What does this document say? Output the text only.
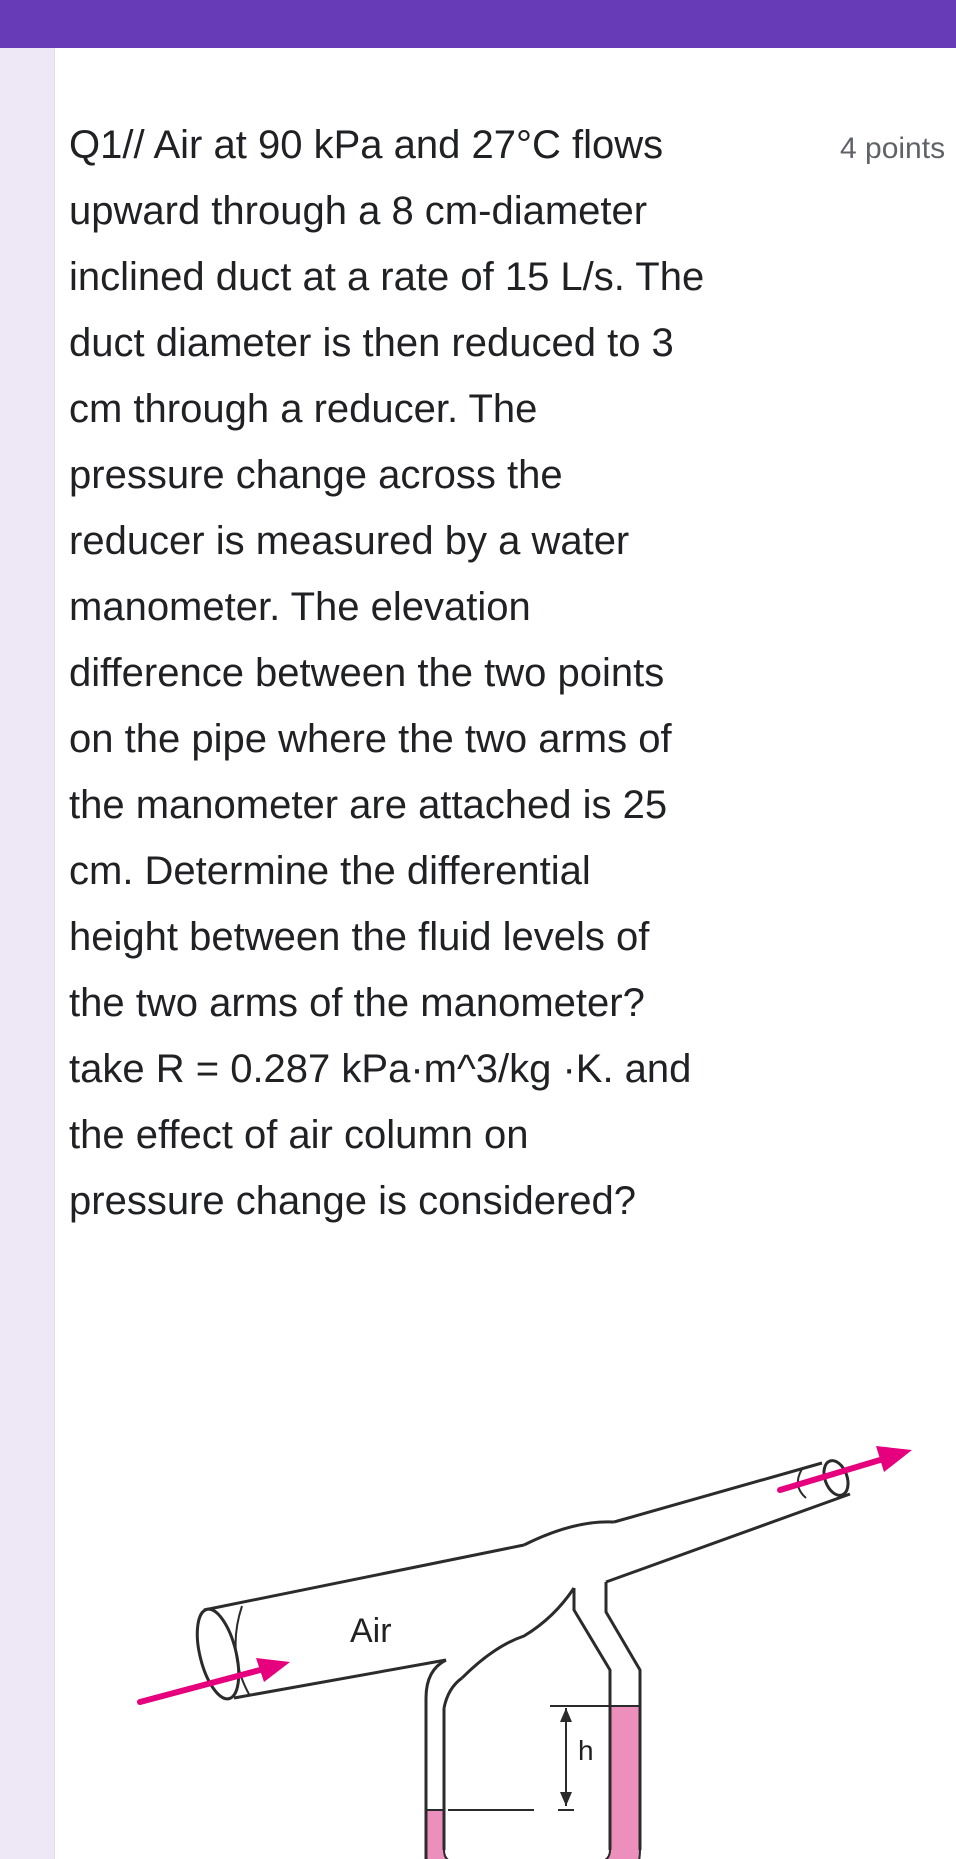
Q1// Air at 90 kPa and 27°C flows
upward through a 8 cm-diameter
inclined duct at a rate of 15 L/s. The
duct diameter is then reduced to 3
cm through a reducer. The
pressure change across the
reducer is measured by a water
manometer. The elevation
difference between the two points
on the pipe where the two arms of
the manometer are attached is 25
cm. Determine the differential
height between the fluid levels of
the two arms of the manometer?
take R = 0.287 kPa·m^3/kg ·K. and
the effect of air column on
pressure change is considered?
4 points
h
Air
